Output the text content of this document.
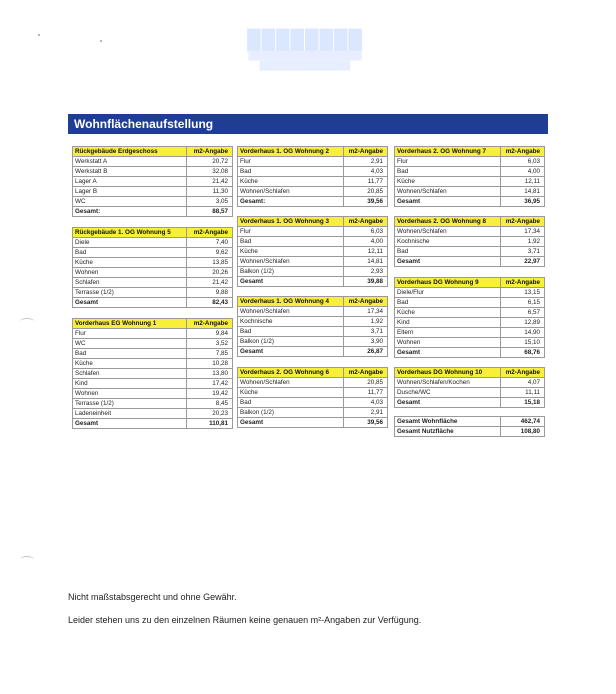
████████
████████████████████
████████████████
Wohnflächenaufstellung
Rückgebäude Erdgeschoss	m2-Angabe
Werkstatt A	20,72
Werkstatt B	32,08
Lager A	21,42
Lager B	11,30
WC	3,05
Gesamt:	88,57
Rückgebäude 1. OG Wohnung 5	m2-Angabe
Diele	7,40
Bad	9,62
Küche	13,85
Wohnen	20,26
Schlafen	21,42
Terrasse (1/2)	9,88
Gesamt	82,43
Vorderhaus EG Wohnung 1	m2-Angabe
Flur	9,84
WC	3,52
Bad	7,85
Küche	10,28
Schlafen	13,80
Kind	17,42
Wohnen	19,42
Terrasse (1/2)	8,45
Ladeneinheit	20,23
Gesamt	110,81
Vorderhaus 1. OG Wohnung 2	m2-Angabe
Flur	2,91
Bad	4,03
Küche	11,77
Wohnen/Schlafen	20,85
Gesamt:	39,56
Vorderhaus 1. OG Wohnung 3	m2-Angabe
Flur	6,03
Bad	4,00
Küche	12,11
Wohnen/Schlafen	14,81
Balkon (1/2)	2,93
Gesamt	39,88
Vorderhaus 1. OG Wohnung 4	m2-Angabe
Wohnen/Schlafen	17,34
Kochnische	1,92
Bad	3,71
Balkon (1/2)	3,90
Gesamt	26,87
Vorderhaus 2. OG Wohnung 6	m2-Angabe
Wohnen/Schlafen	20,85
Küche	11,77
Bad	4,03
Balkon (1/2)	2,91
Gesamt	39,56
Vorderhaus 2. OG Wohnung 7	m2-Angabe
Flur	6,03
Bad	4,00
Küche	12,11
Wohnen/Schlafen	14,81
Gesamt	36,95
Vorderhaus 2. OG Wohnung 8	m2-Angabe
Wohnen/Schlafen	17,34
Kochnische	1,92
Bad	3,71
Gesamt	22,97
Vorderhaus DG Wohnung 9	m2-Angabe
Diele/Flur	13,15
Bad	6,15
Küche	6,57
Kind	12,89
Eltern	14,90
Wohnen	15,10
Gesamt	68,76
Vorderhaus DG Wohnung 10	m2-Angabe
Wohnen/Schlafen/Kochen	4,07
Dusche/WC	11,11
Gesamt	15,18
Gesamt Wohnfläche	462,74
Gesamt Nutzfläche	108,80
Nicht maßstabsgerecht und ohne Gewähr.
Leider stehen uns zu den einzelnen Räumen keine genauen m²-Angaben zur Verfügung.
